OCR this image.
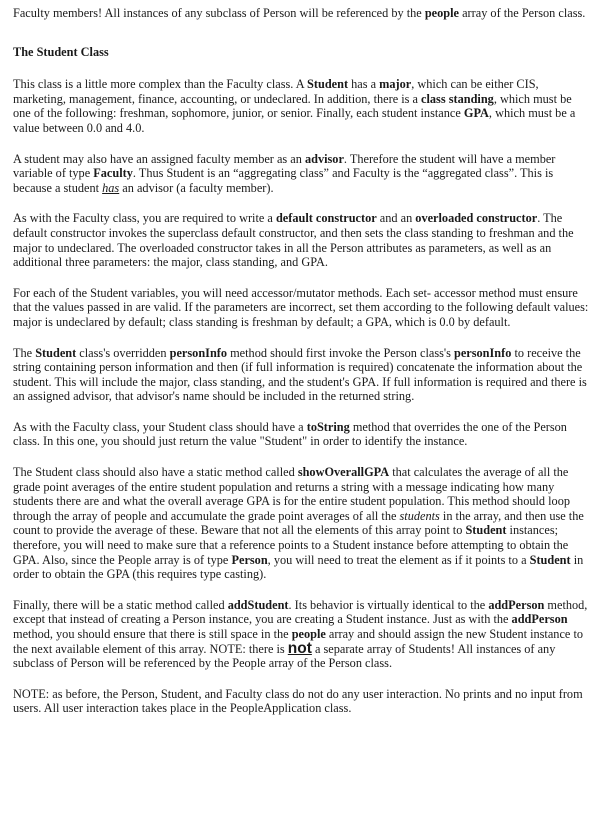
Faculty members! All instances of any subclass of Person will be referenced by the people array of the Person class.

The Student Class

This class is a little more complex than the Faculty class. A Student has a major, which can be either CIS, marketing, management, finance, accounting, or undeclared. In addition, there is a class standing, which must be one of the following: freshman, sophomore, junior, or senior. Finally, each student instance GPA, which must be a value between 0.0 and 4.0.

A student may also have an assigned faculty member as an advisor. Therefore the student will have a member variable of type Faculty. Thus Student is an “aggregating class” and Faculty is the “aggregated class”. This is because a student has an advisor (a faculty member).

As with the Faculty class, you are required to write a default constructor and an overloaded constructor. The default constructor invokes the superclass default constructor, and then sets the class standing to freshman and the major to undeclared. The overloaded constructor takes in all the Person attributes as parameters, as well as an additional three parameters: the major, class standing, and GPA.

For each of the Student variables, you will need accessor/mutator methods. Each set- accessor method must ensure that the values passed in are valid. If the parameters are incorrect, set them according to the following default values: major is undeclared by default; class standing is freshman by default; a GPA, which is 0.0 by default.

The Student class's overridden personInfo method should first invoke the Person class's personInfo to receive the string containing person information and then (if full information is required) concatenate the information about the student. This will include the major, class standing, and the student's GPA. If full information is required and there is an assigned advisor, that advisor's name should be included in the returned string.

As with the Faculty class, your Student class should have a toString method that overrides the one of the Person class. In this one, you should just return the value "Student" in order to identify the instance.

The Student class should also have a static method called showOverallGPA that calculates the average of all the grade point averages of the entire student population and returns a string with a message indicating how many students there are and what the overall average GPA is for the entire student population. This method should loop through the array of people and accumulate the grade point averages of all the students in the array, and then use the count to provide the average of these. Beware that not all the elements of this array point to Student instances; therefore, you will need to make sure that a reference points to a Student instance before attempting to obtain the GPA. Also, since the People array is of type Person, you will need to treat the element as if it points to a Student in order to obtain the GPA (this requires type casting).

Finally, there will be a static method called addStudent. Its behavior is virtually identical to the addPerson method, except that instead of creating a Person instance, you are creating a Student instance. Just as with the addPerson method, you should ensure that there is still space in the people array and should assign the new Student instance to the next available element of this array. NOTE: there is not a separate array of Students! All instances of any subclass of Person will be referenced by the People array of the Person class.

NOTE: as before, the Person, Student, and Faculty class do not do any user interaction. No prints and no input from users. All user interaction takes place in the PeopleApplication class.
